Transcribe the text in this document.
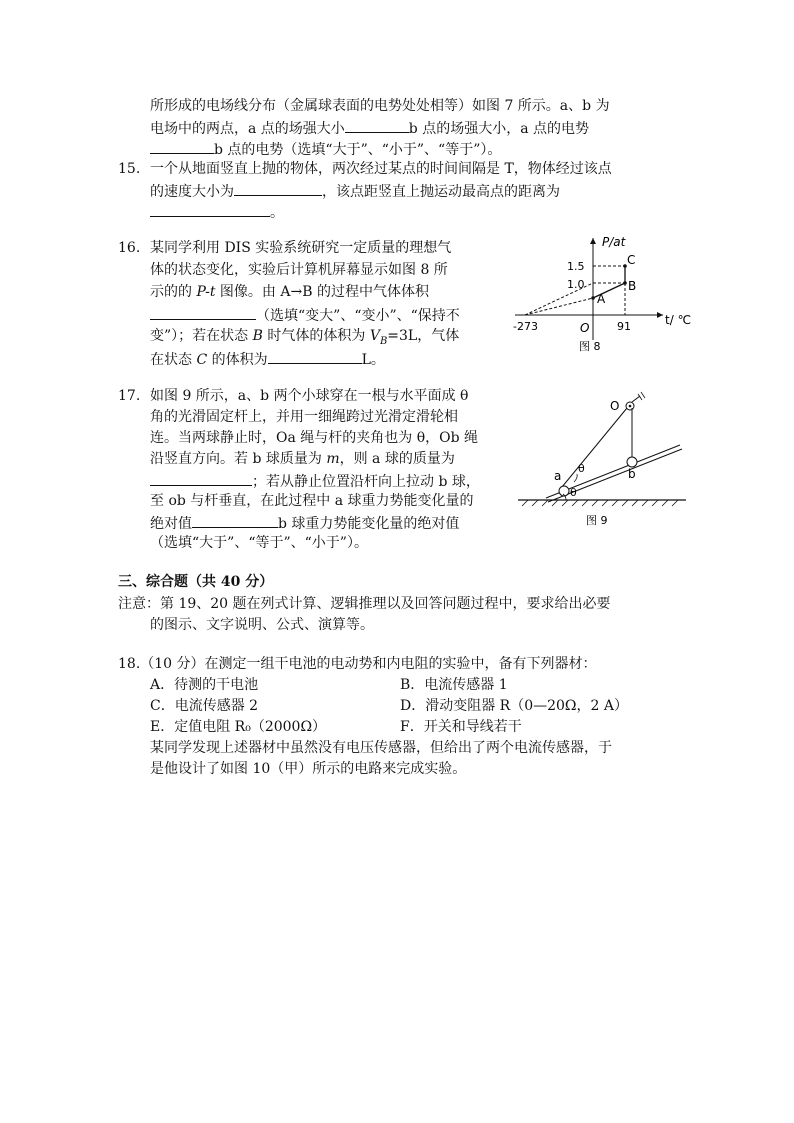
所形成的电场线分布（金属球表面的电势处处相等）如图 7 所示。a、b 为
电场中的两点，a 点的场强大小	b 点的场强大小，a 点的电势
b 点的电势（选填“大于”、“小于”、“等于”）。
15. 一个从地面竖直上抛的物体，两次经过某点的时间间隔是 T，物体经过该点
的速度大小为	，该点距竖直上抛运动最高点的距离为
。
16. 某同学利用 DIS 实验系统研究一定质量的理想气
体的状态变化，实验后计算机屏幕显示如图 8 所
示的的 P-t 图像。由 A→B 的过程中气体体积
（选填“变大”、“变小”、“保持不
变”）；若在状态 B 时气体的体积为 $V_B=3L$，气体
在状态 C 的体积为	L。
P/at
t/ ℃
1.5
1.0
-273	O	91
A
B
C
图 8
17. 如图 9 所示，a、b 两个小球穿在一根与水平面成 θ
角的光滑固定杆上，并用一细绳跨过光滑定滑轮相
连。当两球静止时，Oa 绳与杆的夹角也为 θ，Ob 绳
沿竖直方向。若 b 球质量为 m，则 a 球的质量为
；若从静止位置沿杆向上拉动 b 球，
至 ob 与杆垂直，在此过程中 a 球重力势能变化量的
绝对值	b 球重力势能变化量的绝对值
（选填“大于”、“等于”、“小于”）。
O
a	b
θ
θ
图 9
三、综合题（共 40 分）
注意：第 19、20 题在列式计算、逻辑推理以及回答问题过程中，要求给出必要
的图示、文字说明、公式、演算等。
18.（10 分）在测定一组干电池的电动势和内电阻的实验中，备有下列器材：
A．待测的干电池	B．电流传感器 1
C．电流传感器 2	D．滑动变阻器 R（0—20Ω，2 A）
E．定值电阻 R₀（2000Ω）	F．开关和导线若干
某同学发现上述器材中虽然没有电压传感器，但给出了两个电流传感器，于
是他设计了如图 10（甲）所示的电路来完成实验。
